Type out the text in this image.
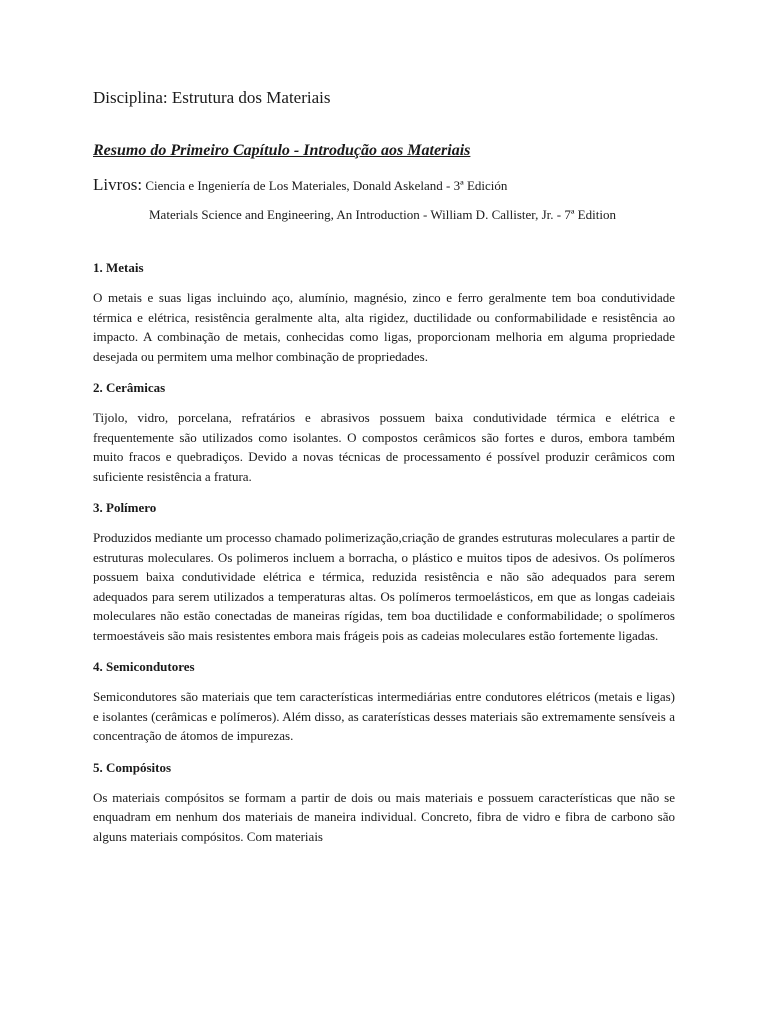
Disciplina: Estrutura dos Materiais

Resumo do Primeiro Capítulo - Introdução aos Materiais

Livros: Ciencia e Ingeniería de Los Materiales, Donald Askeland - 3ª Edición

Materials Science and Engineering, An Introduction - William D. Callister, Jr. - 7ª Edition

1. Metais

O metais e suas ligas incluindo aço, alumínio, magnésio, zinco e ferro geralmente tem boa condutividade térmica e elétrica, resistência geralmente alta, alta rigidez, ductilidade ou conformabilidade e resistência ao impacto. A combinação de metais, conhecidas como ligas, proporcionam melhoria em alguma propriedade desejada ou permitem uma melhor combinação de propriedades.

2. Cerâmicas

Tijolo, vidro, porcelana, refratários e abrasivos possuem baixa condutividade térmica e elétrica e frequentemente são utilizados como isolantes. O compostos cerâmicos são fortes e duros, embora também muito fracos e quebradiços. Devido a novas técnicas de processamento é possível produzir cerâmicos com suficiente resistência a fratura.

3. Polímero

Produzidos mediante um processo chamado polimerização,criação de grandes estruturas moleculares a partir de estruturas moleculares. Os polimeros incluem a borracha, o plástico e muitos tipos de adesivos. Os polímeros possuem baixa condutividade elétrica e térmica, reduzida resistência e não são adequados para serem adequados para serem utilizados a temperaturas altas. Os polímeros termoelásticos, em que as longas cadeiais moleculares não estão conectadas de maneiras rígidas, tem boa ductilidade e conformabilidade; o spolímeros termoestáveis são mais resistentes embora mais frágeis pois as cadeias moleculares estão fortemente ligadas.

4. Semicondutores

Semicondutores são materiais que tem características intermediárias entre condutores elétricos (metais e ligas) e isolantes (cerâmicas e polímeros). Além disso, as caraterísticas desses materiais são extremamente sensíveis a concentração de átomos de impurezas.

5. Compósitos

Os materiais compósitos se formam a partir de dois ou mais materiais e possuem características que não se enquadram em nenhum dos materiais de maneira individual. Concreto, fibra de vidro e fibra de carbono são alguns materiais compósitos. Com materiais
